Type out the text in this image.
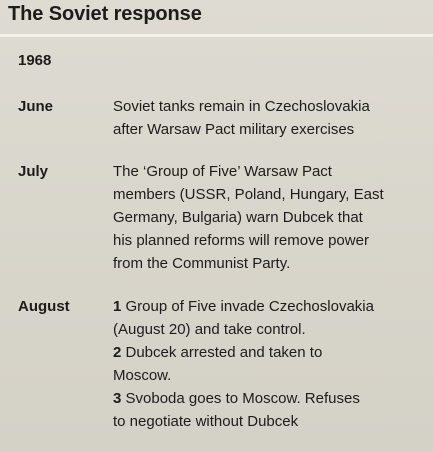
The Soviet response
1968
June	Soviet tanks remain in Czechoslovakia
after Warsaw Pact military exercises
July	The ‘Group of Five’ Warsaw Pact
members (USSR, Poland, Hungary, East
Germany, Bulgaria) warn Dubcek that
his planned reforms will remove power
from the Communist Party.
August	1 Group of Five invade Czechoslovakia
(August 20) and take control.
2 Dubcek arrested and taken to
Moscow.
3 Svoboda goes to Moscow. Refuses
to negotiate without Dubcek
